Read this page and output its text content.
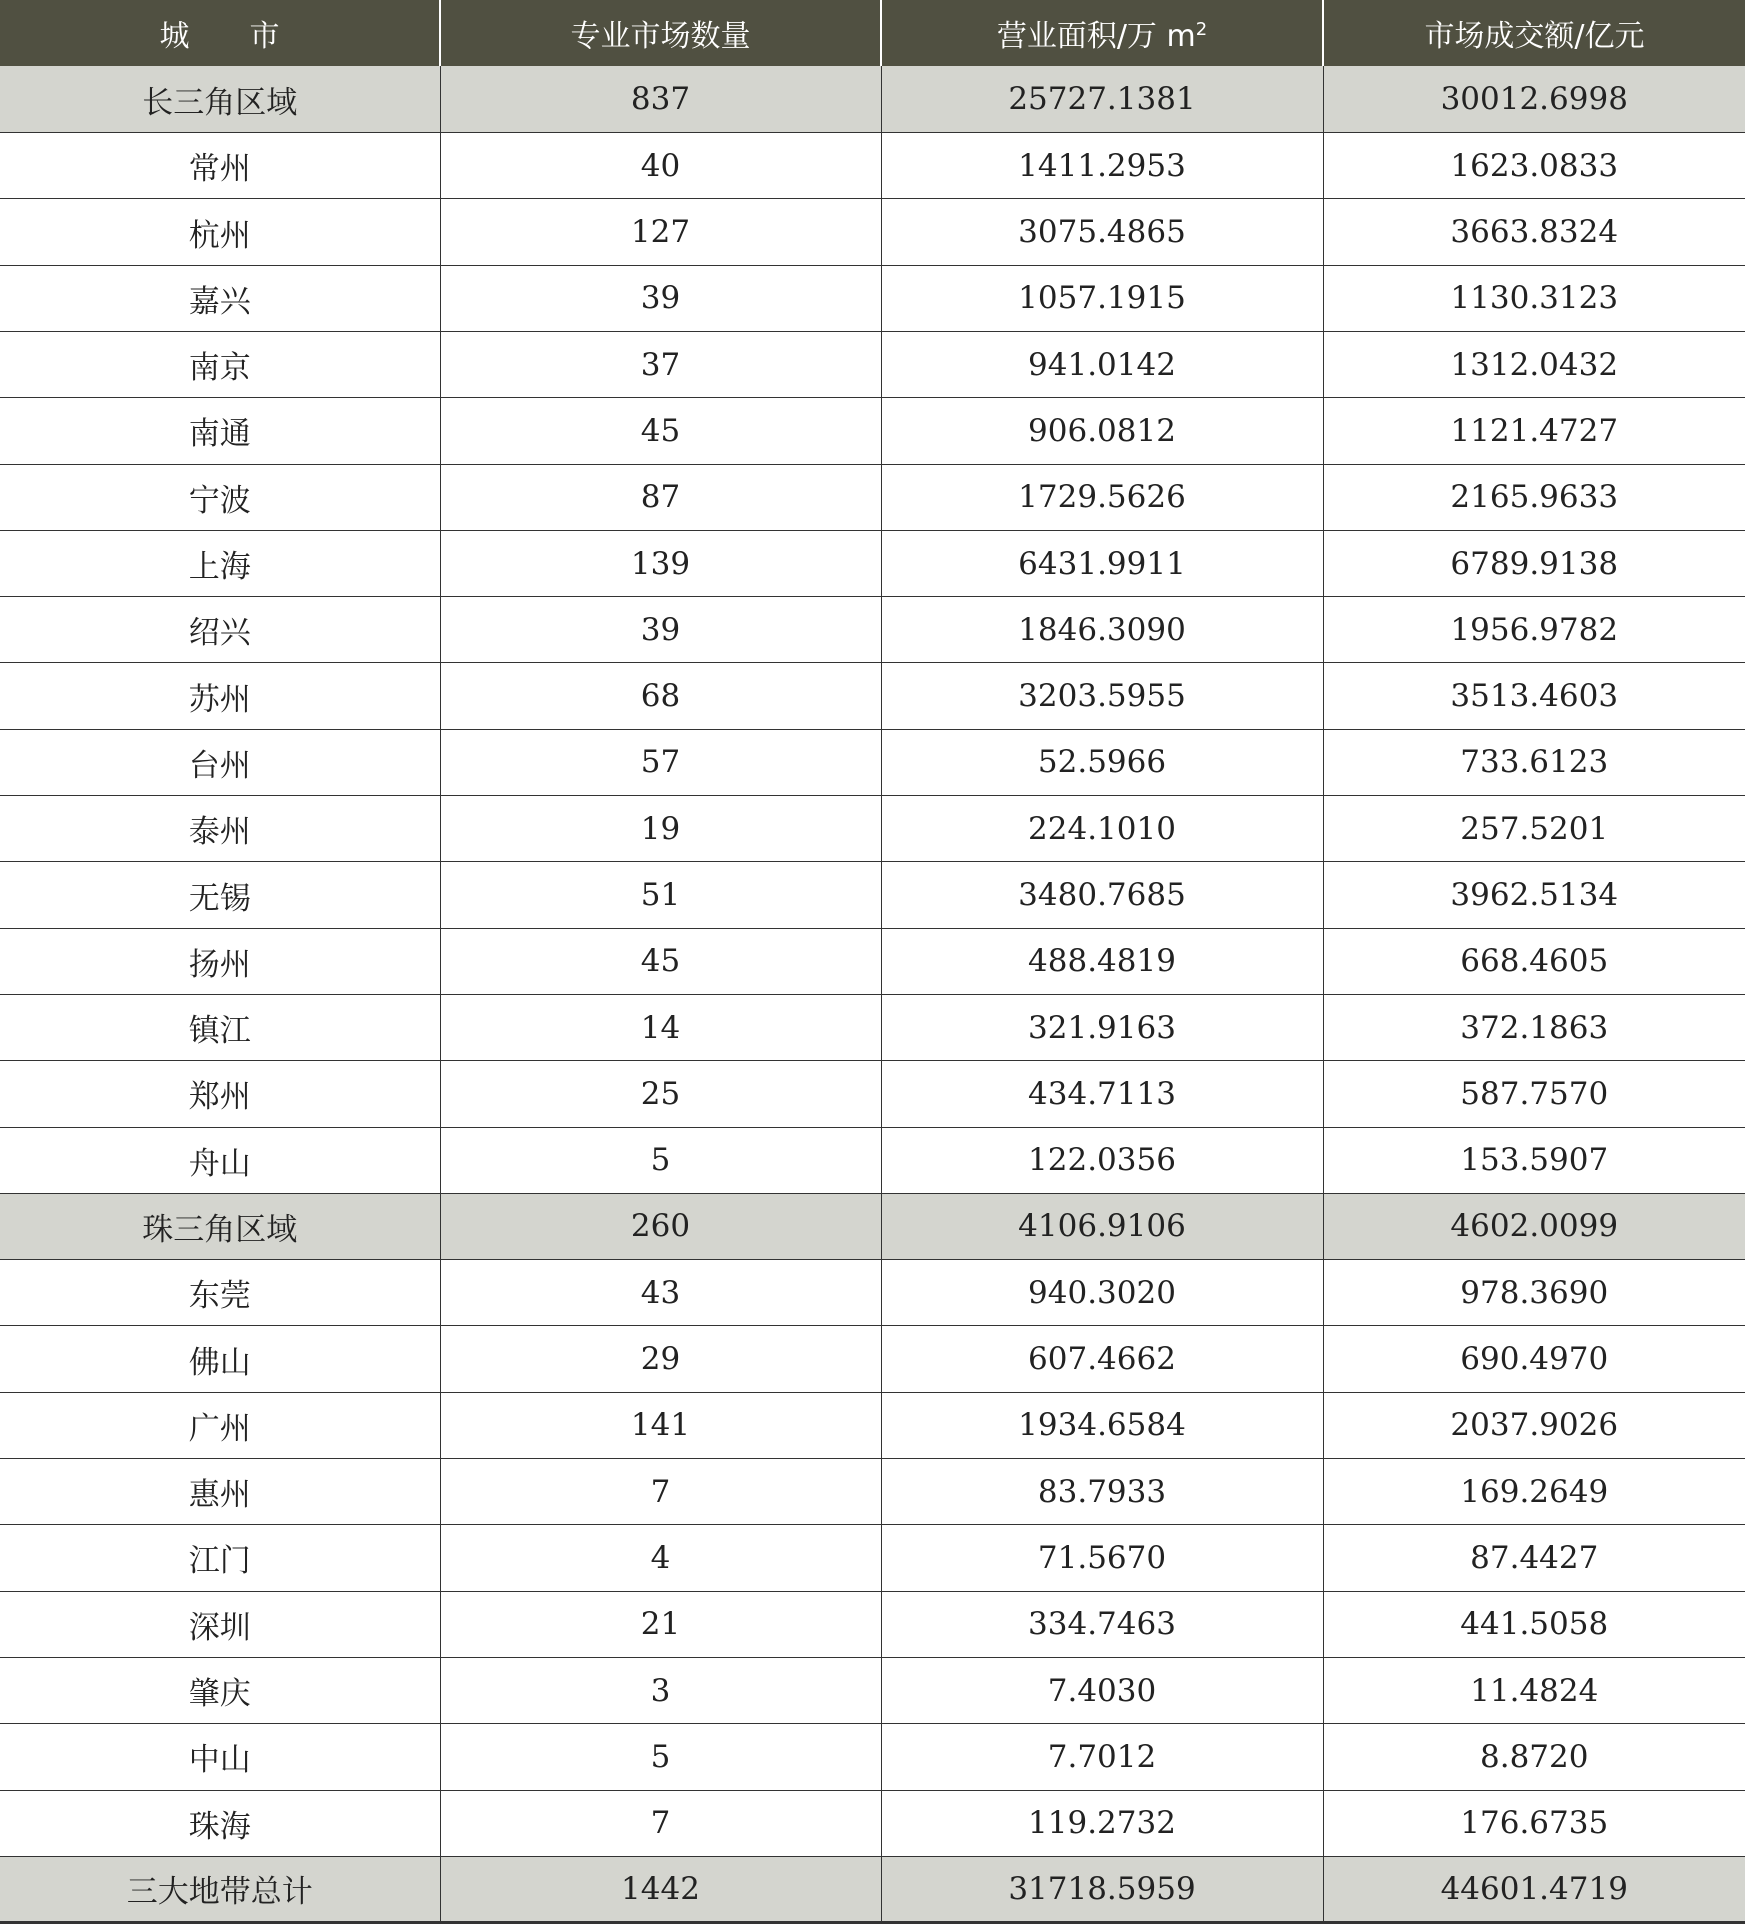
城　　市	专业市场数量	营业面积/万 $m^2$	市场成交额/亿元
长三角区域	837	25727.1381	30012.6998
常州	40	1411.2953	1623.0833
杭州	127	3075.4865	3663.8324
嘉兴	39	1057.1915	1130.3123
南京	37	941.0142	1312.0432
南通	45	906.0812	1121.4727
宁波	87	1729.5626	2165.9633
上海	139	6431.9911	6789.9138
绍兴	39	1846.3090	1956.9782
苏州	68	3203.5955	3513.4603
台州	57	52.5966	733.6123
泰州	19	224.1010	257.5201
无锡	51	3480.7685	3962.5134
扬州	45	488.4819	668.4605
镇江	14	321.9163	372.1863
郑州	25	434.7113	587.7570
舟山	5	122.0356	153.5907
珠三角区域	260	4106.9106	4602.0099
东莞	43	940.3020	978.3690
佛山	29	607.4662	690.4970
广州	141	1934.6584	2037.9026
惠州	7	83.7933	169.2649
江门	4	71.5670	87.4427
深圳	21	334.7463	441.5058
肇庆	3	7.4030	11.4824
中山	5	7.7012	8.8720
珠海	7	119.2732	176.6735
三大地带总计	1442	31718.5959	44601.4719
